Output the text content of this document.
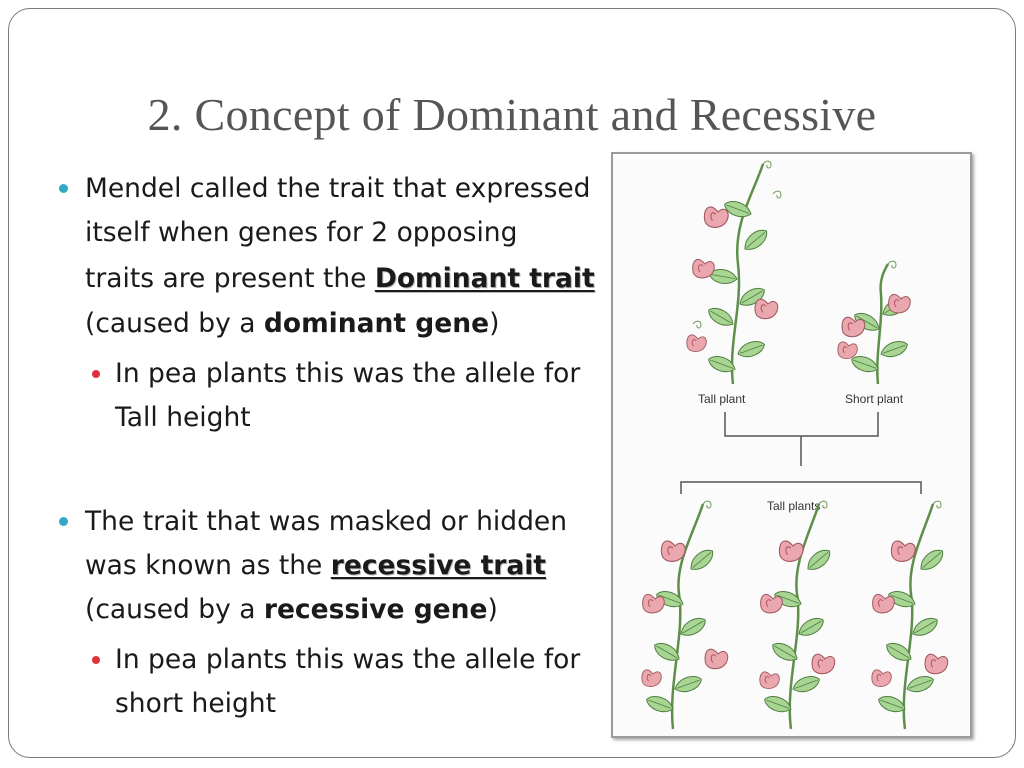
2. Concept of Dominant and Recessive
Mendel called the trait that expressed
itself when genes for 2 opposing
traits are present the Dominant trait
(caused by a dominant gene)
In pea plants this was the allele for
Tall height
The trait that was masked or hidden
was known as the recessive trait
(caused by a recessive gene)
In pea plants this was the allele for
short height
Tall plant	Short plant
Tall plants
